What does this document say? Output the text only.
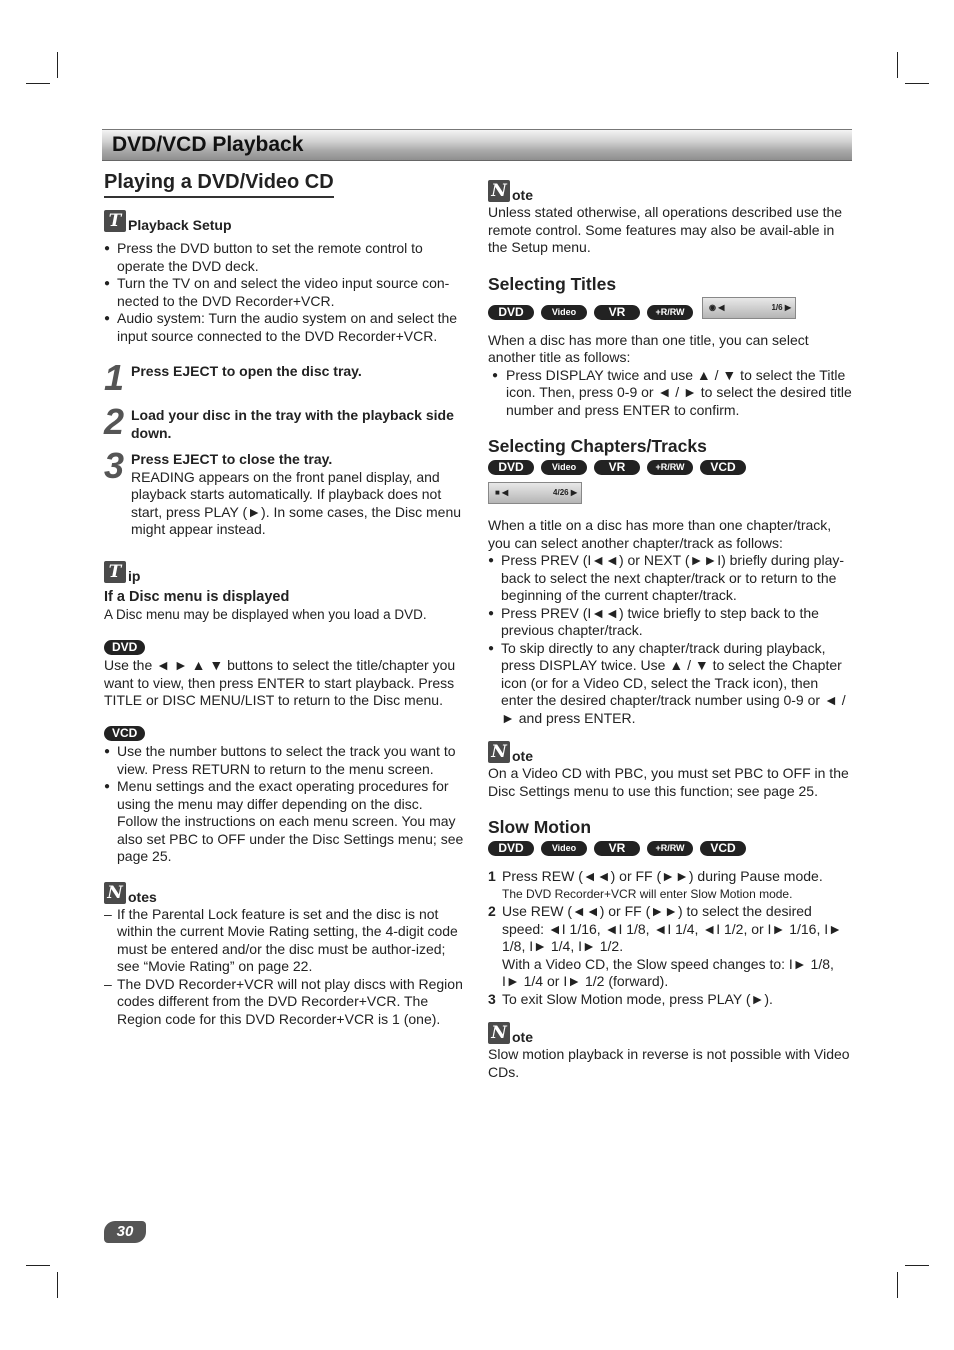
DVD/VCD Playback
Playing a DVD/Video CD
T Playback Setup
● Press the DVD button to set the remote control to operate the DVD deck.
● Turn the TV on and select the video input source con-nected to the DVD Recorder+VCR.
● Audio system: Turn the audio system on and select the input source connected to the DVD Recorder+VCR.
1 Press EJECT to open the disc tray.
2 Load your disc in the tray with the playback side down.
3 Press EJECT to close the tray.
READING appears on the front panel display, and playback starts automatically. If playback does not start, press PLAY (►). In some cases, the Disc menu might appear instead.
T ip
If a Disc menu is displayed
A Disc menu may be displayed when you load a DVD.
DVD
Use the ◄ ► ▲ ▼ buttons to select the title/chapter you want to view, then press ENTER to start playback. Press TITLE or DISC MENU/LIST to return to the Disc menu.
VCD
● Use the number buttons to select the track you want to view. Press RETURN to return to the menu screen.
● Menu settings and the exact operating procedures for using the menu may differ depending on the disc. Follow the instructions on each menu screen. You may also set PBC to OFF under the Disc Settings menu; see page 25.
N otes
– If the Parental Lock feature is set and the disc is not within the current Movie Rating setting, the 4-digit code must be entered and/or the disc must be author-ized; see “Movie Rating” on page 22.
– The DVD Recorder+VCR will not play discs with Region codes different from the DVD Recorder+VCR. The Region code for this DVD Recorder+VCR is 1 (one).
N ote
Unless stated otherwise, all operations described use the remote control. Some features may also be avail-able in the Setup menu.
Selecting Titles
DVD	Video	VR	+R/RW	◉ ◀	1/6 ▶
When a disc has more than one title, you can select another title as follows:
● Press DISPLAY twice and use ▲ / ▼ to select the Title icon. Then, press 0-9 or ◄ / ► to select the desired title number and press ENTER to confirm.
Selecting Chapters/Tracks
DVD	Video	VR	+R/RW	VCD
■ ◀	4/26 ▶
When a title on a disc has more than one chapter/track, you can select another chapter/track as follows:
● Press PREV (I◄◄) or NEXT (►►I) briefly during play-back to select the next chapter/track or to return to the beginning of the current chapter/track.
● Press PREV (I◄◄) twice briefly to step back to the previous chapter/track.
● To skip directly to any chapter/track during playback, press DISPLAY twice. Use ▲ / ▼ to select the Chapter icon (or for a Video CD, select the Track icon), then enter the desired chapter/track number using 0-9 or ◄ / ► and press ENTER.
N ote
On a Video CD with PBC, you must set PBC to OFF in the Disc Settings menu to use this function; see page 25.
Slow Motion
DVD	Video	VR	+R/RW	VCD
1 Press REW (◄◄) or FF (►►) during Pause mode.
The DVD Recorder+VCR will enter Slow Motion mode.
2 Use REW (◄◄) or FF (►►) to select the desired speed: ◄I 1/16, ◄I 1/8, ◄I 1/4, ◄I 1/2, or I► 1/16, I► 1/8, I► 1/4, I► 1/2.
With a Video CD, the Slow speed changes to: I► 1/8, I► 1/4 or I► 1/2 (forward).
3 To exit Slow Motion mode, press PLAY (►).
N ote
Slow motion playback in reverse is not possible with Video CDs.
30
